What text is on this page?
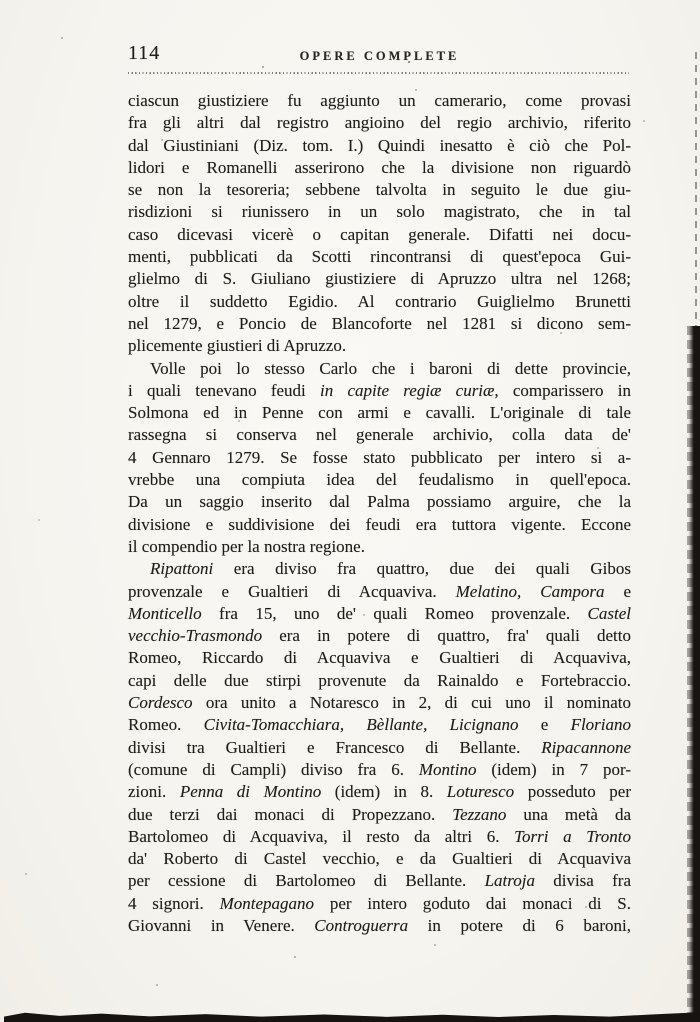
114	OPERE COMPLETE
ciascun giustiziere fu aggiunto un camerario, come provasi
fra gli altri dal registro angioino del regio archivio, riferito
dal Giustiniani (Diz. tom. I.) Quindi inesatto è ciò che Pol-
lidori e Romanelli asserirono che la divisione non riguardò
se non la tesoreria; sebbene talvolta in seguito le due giu-
risdizioni si riunissero in un solo magistrato, che in tal
caso dicevasi vicerè o capitan generale. Difatti nei docu-
menti, pubblicati da Scotti rincontransi di quest'epoca Gui-
glielmo di S. Giuliano giustiziere di Apruzzo ultra nel 1268;
oltre il suddetto Egidio. Al contrario Guiglielmo Brunetti
nel 1279, e Poncio de Blancoforte nel 1281 si dicono sem-
plicemente giustieri di Apruzzo.
Volle poi lo stesso Carlo che i baroni di dette provincie,
i quali tenevano feudi in capite regiæ curiæ, comparissero in
Solmona ed in Penne con armi e cavalli. L'originale di tale
rassegna si conserva nel generale archivio, colla data de'
4 Gennaro 1279. Se fosse stato pubblicato per intero si a-
vrebbe una compiuta idea del feudalismo in quell'epoca.
Da un saggio inserito dal Palma possiamo arguire, che la
divisione e suddivisione dei feudi era tuttora vigente. Eccone
il compendio per la nostra regione.
Ripattoni era diviso fra quattro, due dei quali Gibos
provenzale e Gualtieri di Acquaviva. Melatino, Campora e
Monticello fra 15, uno de' quali Romeo provenzale. Castel
vecchio-Trasmondo era in potere di quattro, fra' quali detto
Romeo, Riccardo di Acquaviva e Gualtieri di Acquaviva,
capi delle due stirpi provenute da Rainaldo e Fortebraccio.
Cordesco ora unito a Notaresco in 2, di cui uno il nominato
Romeo. Civita-Tomacchiara, Bèllante, Licignano e Floriano
divisi tra Gualtieri e Francesco di Bellante. Ripacannone
(comune di Campli) diviso fra 6. Montino (idem) in 7 por-
zioni. Penna di Montino (idem) in 8. Loturesco posseduto per
due terzi dai monaci di Propezzano. Tezzano una metà da
Bartolomeo di Acquaviva, il resto da altri 6. Torri a Tronto
da' Roberto di Castel vecchio, e da Gualtieri di Acquaviva
per cessione di Bartolomeo di Bellante. Latroja divisa fra
4 signori. Montepagano per intero goduto dai monaci di S.
Giovanni in Venere. Controguerra in potere di 6 baroni,
